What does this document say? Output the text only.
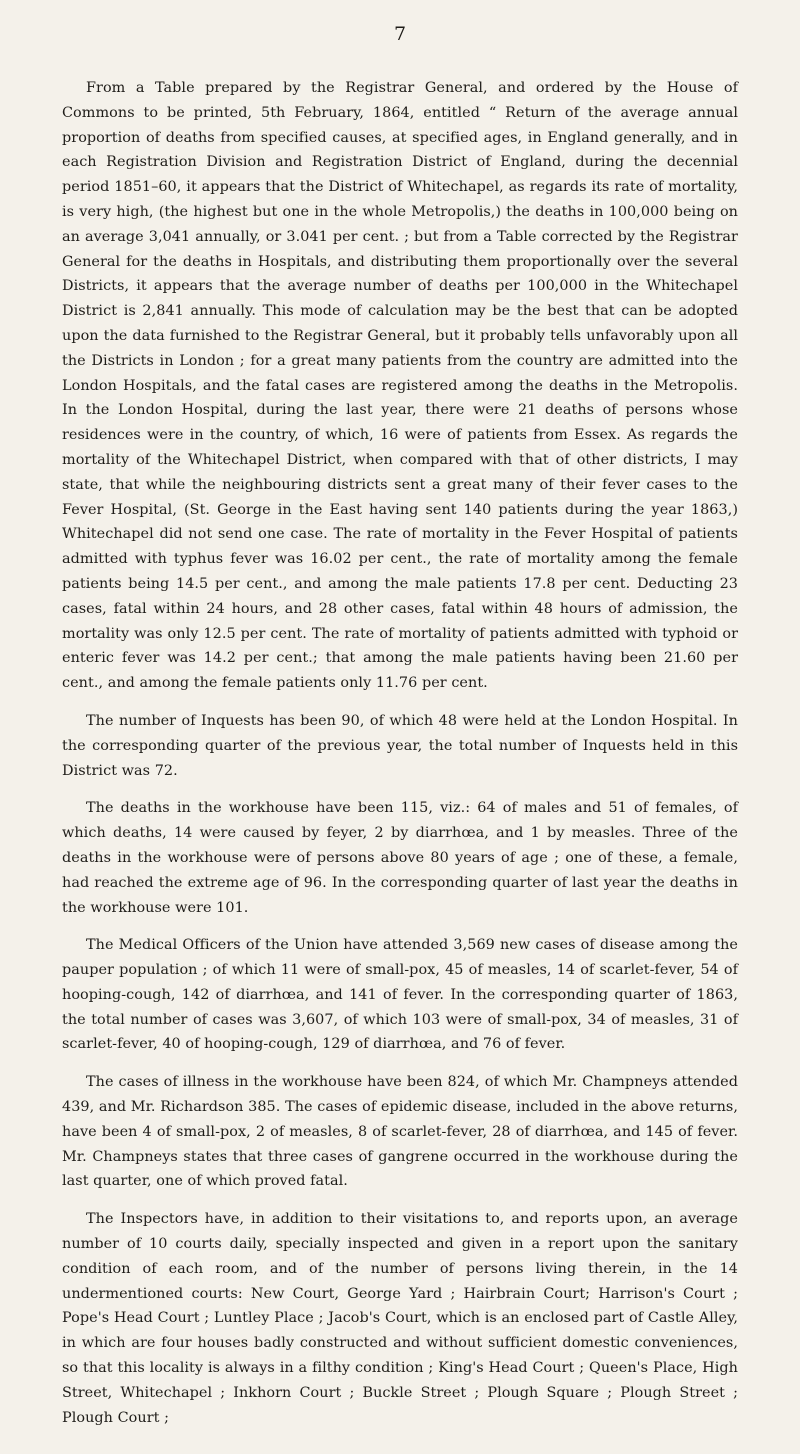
7

From a Table prepared by the Registrar General, and ordered by the House of Commons to be printed, 5th February, 1864, entitled “ Return of the average annual proportion of deaths from specified causes, at specified ages, in England generally, and in each Registration Division and Registration District of England, during the decennial period 1851–60, it appears that the District of Whitechapel, as regards its rate of mortality, is very high, (the highest but one in the whole Metropolis,) the deaths in 100,000 being on an average 3,041 annually, or 3.041 per cent. ; but from a Table corrected by the Registrar General for the deaths in Hospitals, and distributing them proportionally over the several Districts, it appears that the average number of deaths per 100,000 in the Whitechapel District is 2,841 annually. This mode of calculation may be the best that can be adopted upon the data furnished to the Registrar General, but it probably tells unfavorably upon all the Districts in London ; for a great many patients from the country are admitted into the London Hospitals, and the fatal cases are registered among the deaths in the Metropolis. In the London Hospital, during the last year, there were 21 deaths of persons whose residences were in the country, of which, 16 were of patients from Essex. As regards the mortality of the Whitechapel District, when compared with that of other districts, I may state, that while the neighbouring districts sent a great many of their fever cases to the Fever Hospital, (St. George in the East having sent 140 patients during the year 1863,) Whitechapel did not send one case. The rate of mortality in the Fever Hospital of patients admitted with typhus fever was 16.02 per cent., the rate of mortality among the female patients being 14.5 per cent., and among the male patients 17.8 per cent. Deducting 23 cases, fatal within 24 hours, and 28 other cases, fatal within 48 hours of admission, the mortality was only 12.5 per cent. The rate of mortality of patients admitted with typhoid or enteric fever was 14.2 per cent.; that among the male patients having been 21.60 per cent., and among the female patients only 11.76 per cent.

The number of Inquests has been 90, of which 48 were held at the London Hospital. In the corresponding quarter of the previous year, the total number of Inquests held in this District was 72.

The deaths in the workhouse have been 115, viz.: 64 of males and 51 of females, of which deaths, 14 were caused by feyer, 2 by diarrhœa, and 1 by measles. Three of the deaths in the workhouse were of persons above 80 years of age ; one of these, a female, had reached the extreme age of 96. In the corresponding quarter of last year the deaths in the workhouse were 101.

The Medical Officers of the Union have attended 3,569 new cases of disease among the pauper population ; of which 11 were of small-pox, 45 of measles, 14 of scarlet-fever, 54 of hooping-cough, 142 of diarrhœa, and 141 of fever. In the corresponding quarter of 1863, the total number of cases was 3,607, of which 103 were of small-pox, 34 of measles, 31 of scarlet-fever, 40 of hooping-cough, 129 of diarrhœa, and 76 of fever.

The cases of illness in the workhouse have been 824, of which Mr. Champneys attended 439, and Mr. Richardson 385. The cases of epidemic disease, included in the above returns, have been 4 of small-pox, 2 of measles, 8 of scarlet-fever, 28 of diarrhœa, and 145 of fever. Mr. Champneys states that three cases of gangrene occurred in the workhouse during the last quarter, one of which proved fatal.

The Inspectors have, in addition to their visitations to, and reports upon, an average number of 10 courts daily, specially inspected and given in a report upon the sanitary condition of each room, and of the number of persons living therein, in the 14 undermentioned courts: New Court, George Yard ; Hairbrain Court; Harrison's Court ; Pope's Head Court ; Luntley Place ; Jacob's Court, which is an enclosed part of Castle Alley, in which are four houses badly constructed and without sufficient domestic conveniences, so that this locality is always in a filthy condition ; King's Head Court ; Queen's Place, High Street, Whitechapel ; Inkhorn Court ; Buckle Street ; Plough Square ; Plough Street ; Plough Court ;
